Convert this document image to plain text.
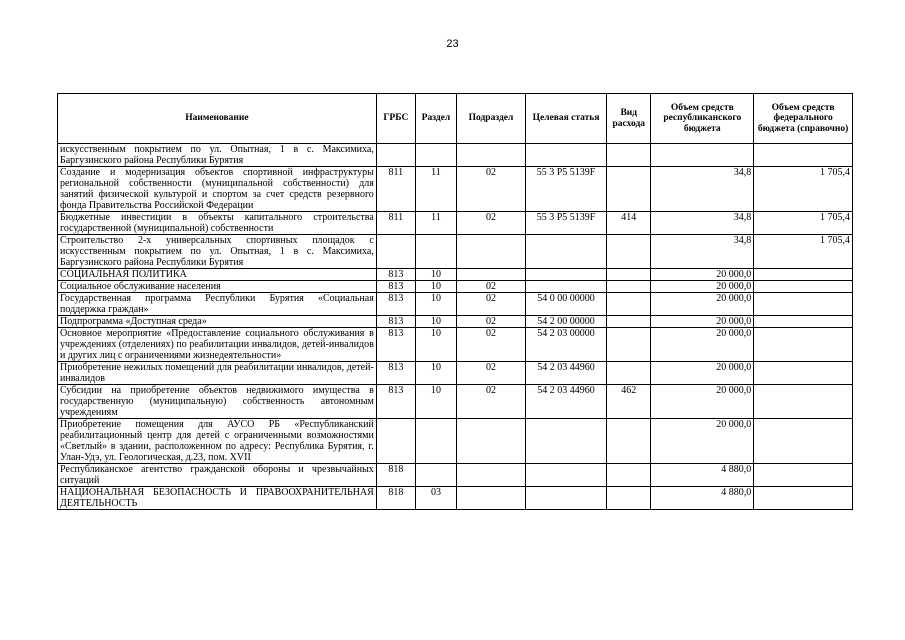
23
Наименование	ГРБС	Раздел	Подраздел	Целевая статья	Вид расхода	Объем средств республиканского бюджета	Объем средств федерального бюджета (справочно)
искусственным покрытием по ул. Опытная, 1 в с. Максимиха, Баргузинского района Республики Бурятия							
Создание и модернизация объектов спортивной инфраструктуры региональной собственности (муниципальной собственности) для занятий физической культурой и спортом за счет средств резервного фонда Правительства Российской Федерации	811	11	02	55 3 P5 5139F		34,8	1 705,4
Бюджетные инвестиции в объекты капитального строительства государственной (муниципальной) собственности	811	11	02	55 3 P5 5139F	414	34,8	1 705,4
Строительство 2-х универсальных спортивных площадок с искусственным покрытием по ул. Опытная, 1 в с. Максимиха, Баргузинского района Республики Бурятия						34,8	1 705,4
СОЦИАЛЬНАЯ ПОЛИТИКА	813	10				20 000,0	
Социальное обслуживание населения	813	10	02			20 000,0	
Государственная программа Республики Бурятия «Социальная поддержка граждан»	813	10	02	54 0 00 00000		20 000,0	
Подпрограмма «Доступная среда»	813	10	02	54 2 00 00000		20 000,0	
Основное мероприятие «Предоставление социального обслуживания в учреждениях (отделениях) по реабилитации инвалидов, детей-инвалидов и других лиц с ограничениями жизнедеятельности»	813	10	02	54 2 03 00000		20 000,0	
Приобретение нежилых помещений для реабилитации инвалидов, детей-инвалидов	813	10	02	54 2 03 44960		20 000,0	
Субсидии на приобретение объектов недвижимого имущества в государственную (муниципальную) собственность автономным учреждениям	813	10	02	54 2 03 44960	462	20 000,0	
Приобретение помещения для АУСО РБ «Республиканский реабилитационный центр для детей с ограниченными возможностями «Светлый» в здании, расположенном по адресу: Республика Бурятия, г. Улан-Удэ, ул. Геологическая, д.23, пом. XVII						20 000,0	
Республиканское агентство гражданской обороны и чрезвычайных ситуаций	818					4 880,0	
НАЦИОНАЛЬНАЯ БЕЗОПАСНОСТЬ И ПРАВООХРАНИТЕЛЬНАЯ ДЕЯТЕЛЬНОСТЬ	818	03				4 880,0	
